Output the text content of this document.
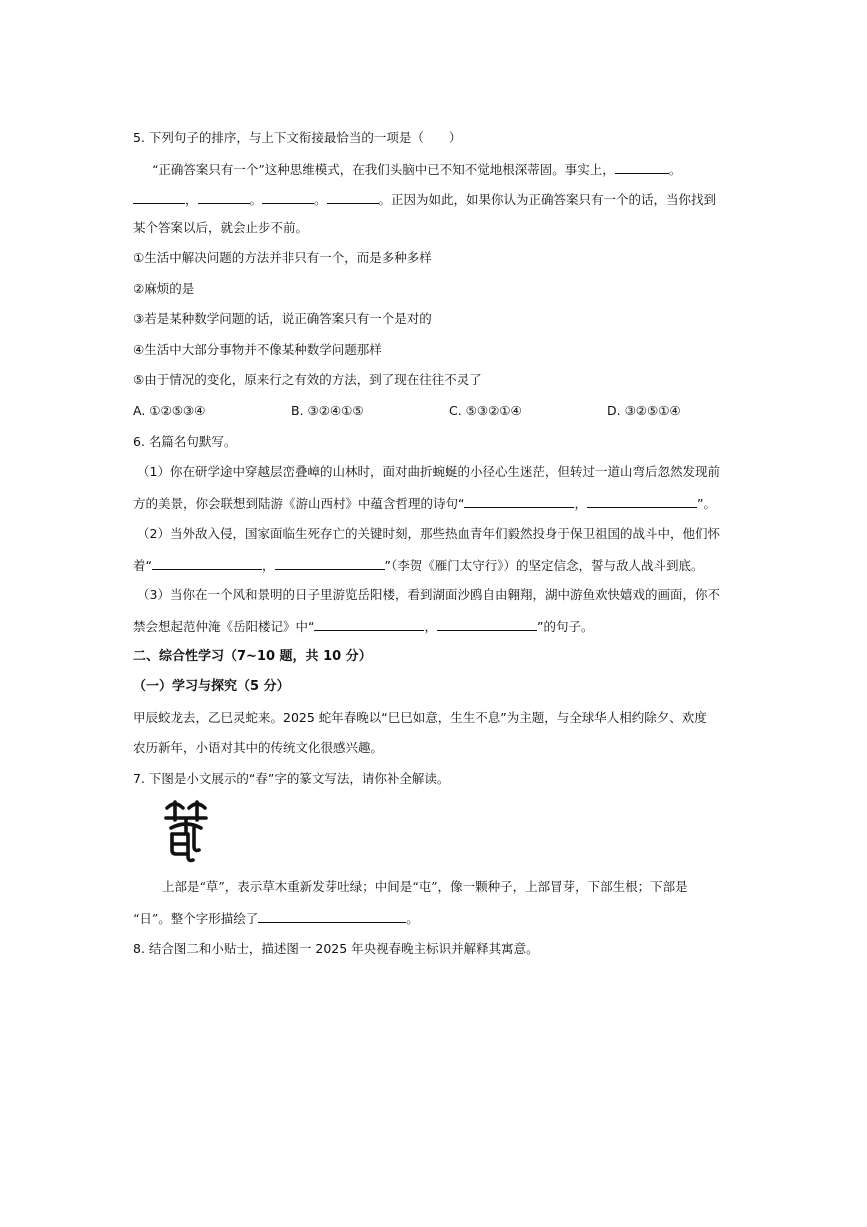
5. 下列句子的排序，与上下文衔接最恰当的一项是（　　）
“正确答案只有一个”这种思维模式，在我们头脑中已不知不觉地根深蒂固。事实上，	。
，	。	。	。正因为如此，如果你认为正确答案只有一个的话，当你找到
某个答案以后，就会止步不前。
①生活中解决问题的方法并非只有一个，而是多种多样
②麻烦的是
③若是某种数学问题的话，说正确答案只有一个是对的
④生活中大部分事物并不像某种数学问题那样
⑤由于情况的变化，原来行之有效的方法，到了现在往往不灵了
A. ①②⑤③④	B. ③②④①⑤	C. ⑤③②①④	D. ③②⑤①④
6. 名篇名句默写。
（1）你在研学途中穿越层峦叠嶂的山林时，面对曲折蜿蜒的小径心生迷茫，但转过一道山弯后忽然发现前
方的美景，你会联想到陆游《游山西村》中蕴含哲理的诗句“	，	”。
（2）当外敌入侵，国家面临生死存亡的关键时刻，那些热血青年们毅然投身于保卫祖国的战斗中，他们怀
着“	，	”（李贺《雁门太守行》）的坚定信念，誓与敌人战斗到底。
（3）当你在一个风和景明的日子里游览岳阳楼，看到湖面沙鸥自由翱翔，湖中游鱼欢快嬉戏的画面，你不
禁会想起范仲淹《岳阳楼记》中“	，	”的句子。
二、综合性学习（7~10 题，共 10 分）
（一）学习与探究（5 分）
甲辰蛟龙去，乙巳灵蛇来。2025 蛇年春晚以“巳巳如意，生生不息”为主题，与全球华人相约除夕、欢度
农历新年，小语对其中的传统文化很感兴趣。
7. 下图是小文展示的“春”字的篆文写法，请你补全解读。
上部是“草”，表示草木重新发芽吐绿；中间是“屯”，像一颗种子，上部冒芽，下部生根；下部是
“日”。整个字形描绘了	。
8. 结合图二和小贴士，描述图一 2025 年央视春晚主标识并解释其寓意。
